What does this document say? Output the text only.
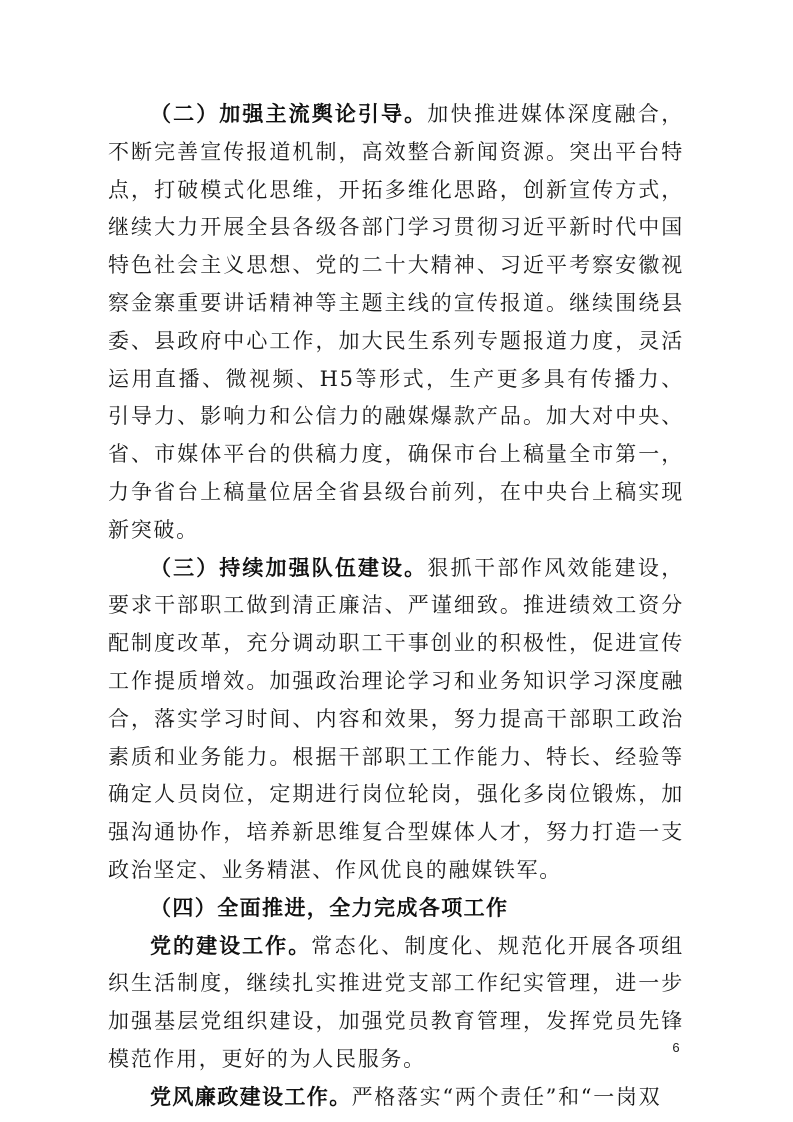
（二）加强主流舆论引导。加快推进媒体深度融合，不断完善宣传报道机制，高效整合新闻资源。突出平台特点，打破模式化思维，开拓多维化思路，创新宣传方式，继续大力开展全县各级各部门学习贯彻习近平新时代中国特色社会主义思想、党的二十大精神、习近平考察安徽视察金寨重要讲话精神等主题主线的宣传报道。继续围绕县委、县政府中心工作，加大民生系列专题报道力度，灵活运用直播、微视频、H5等形式，生产更多具有传播力、引导力、影响力和公信力的融媒爆款产品。加大对中央、省、市媒体平台的供稿力度，确保市台上稿量全市第一，力争省台上稿量位居全省县级台前列，在中央台上稿实现新突破。

（三）持续加强队伍建设。狠抓干部作风效能建设，要求干部职工做到清正廉洁、严谨细致。推进绩效工资分配制度改革，充分调动职工干事创业的积极性，促进宣传工作提质增效。加强政治理论学习和业务知识学习深度融合，落实学习时间、内容和效果，努力提高干部职工政治素质和业务能力。根据干部职工工作能力、特长、经验等确定人员岗位，定期进行岗位轮岗，强化多岗位锻炼，加强沟通协作，培养新思维复合型媒体人才，努力打造一支政治坚定、业务精湛、作风优良的融媒铁军。

（四）全面推进，全力完成各项工作

党的建设工作。常态化、制度化、规范化开展各项组织生活制度，继续扎实推进党支部工作纪实管理，进一步加强基层党组织建设，加强党员教育管理，发挥党员先锋模范作用，更好的为人民服务。

党风廉政建设工作。严格落实“两个责任”和“一岗双

6
